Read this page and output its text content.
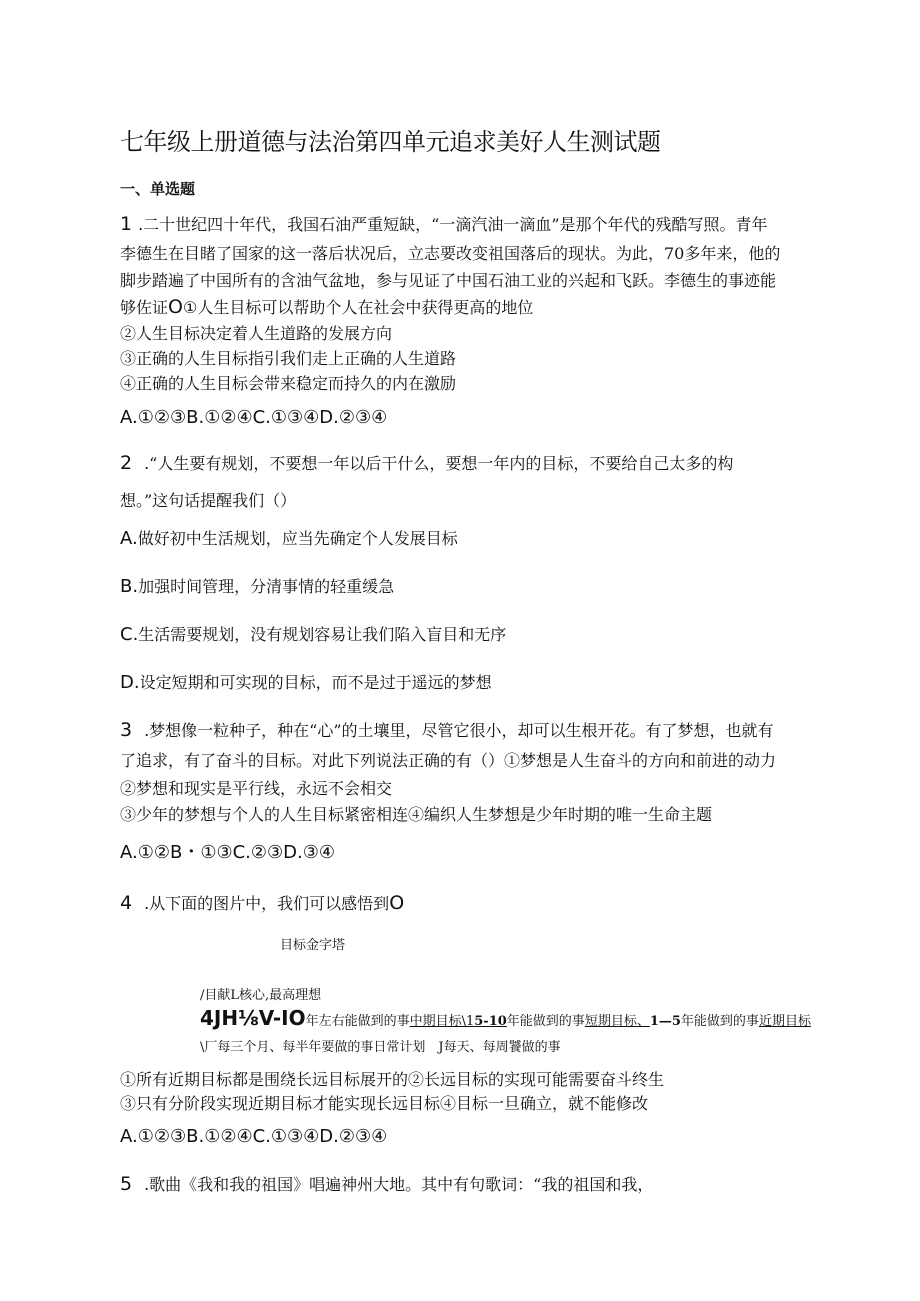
七年级上册道德与法治第四单元追求美好人生测试题
一、单选题
1 .二十世纪四十年代，我国石油严重短缺，“一滴汽油一滴血”是那个年代的残酷写照。青年
李德生在目睹了国家的这一落后状况后，立志要改变祖国落后的现状。为此，70多年来，他的
脚步踏遍了中国所有的含油气盆地，参与见证了中国石油工业的兴起和飞跃。李德生的事迹能
够佐证O①人生目标可以帮助个人在社会中获得更高的地位
②人生目标决定着人生道路的发展方向
③正确的人生目标指引我们走上正确的人生道路
④正确的人生目标会带来稳定而持久的内在激励
A.①②③B.①②④C.①③④D.②③④
2 .“人生要有规划，不要想一年以后干什么，要想一年内的目标，不要给自己太多的构
想。”这句话提醒我们（）
A.做好初中生活规划，应当先确定个人发展目标
B.加强时间管理，分清事情的轻重缓急
C.生活需要规划，没有规划容易让我们陷入盲目和无序
D.设定短期和可实现的目标，而不是过于遥远的梦想
3 .梦想像一粒种子，种在“心”的土壤里，尽管它很小，却可以生根开花。有了梦想，也就有
了追求，有了奋斗的目标。对此下列说法正确的有（）①梦想是人生奋斗的方向和前进的动力
②梦想和现实是平行线，永远不会相交
③少年的梦想与个人的人生目标紧密相连④编织人生梦想是少年时期的唯一生命主题
A.①②B・①③C.②③D.③④
4 .从下面的图片中，我们可以感悟到O
目标金字塔
/目献L核心,最高理想
4JH⅛V-IO年左右能做到的事中期目标\15-10年能做到的事短期目标、1—5年能做到的事近期目标
\厂每三个月、每半年要做的事日常计划　J每天、每周饕做的事
①所有近期目标都是围绕长远目标展开的②长远目标的实现可能需要奋斗终生
③只有分阶段实现近期目标才能实现长远目标④目标一旦确立，就不能修改
A.①②③B.①②④C.①③④D.②③④
5 .歌曲《我和我的祖国》唱遍神州大地。其中有句歌词：“我的祖国和我，
